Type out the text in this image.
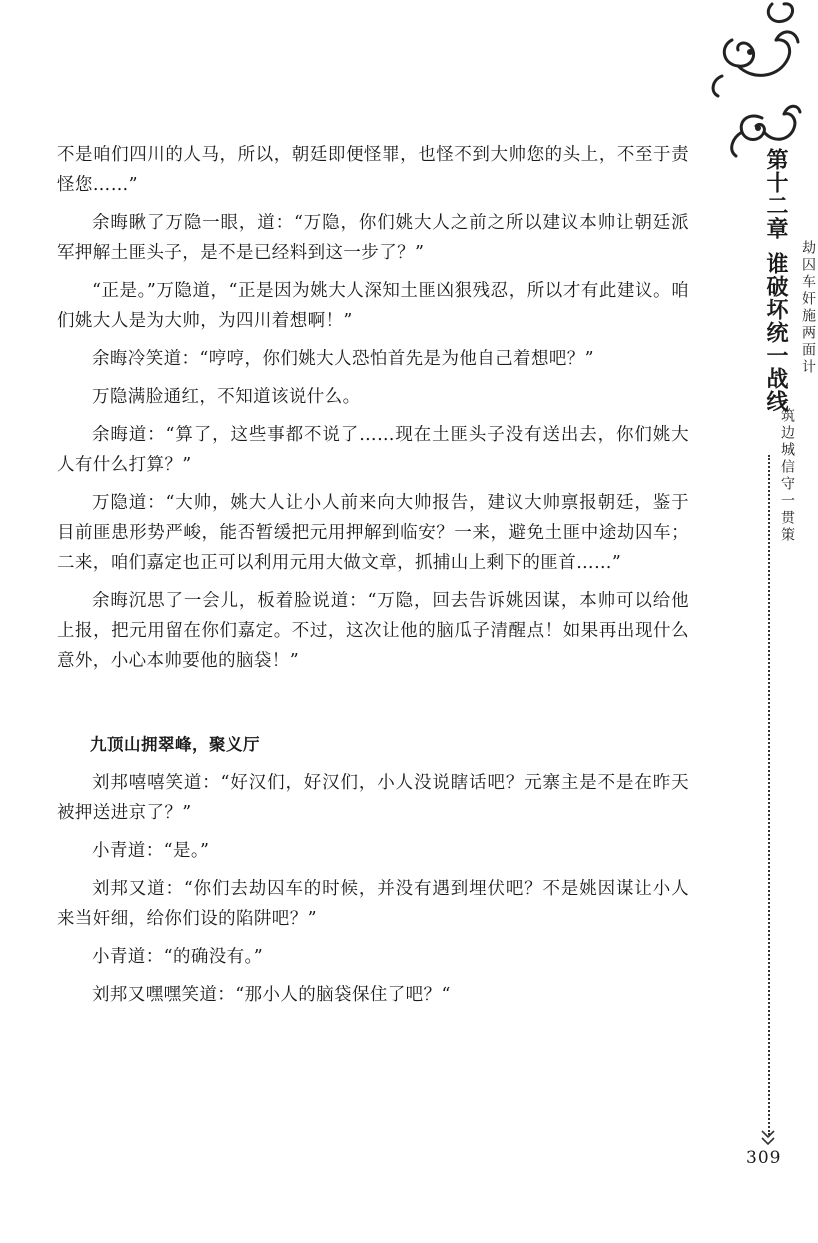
不是咱们四川的人马，所以，朝廷即便怪罪，也怪不到大帅您的头上，不至于责怪您……”

余晦瞅了万隐一眼，道：“万隐，你们姚大人之前之所以建议本帅让朝廷派军押解土匪头子，是不是已经料到这一步了？”

“正是。”万隐道，“正是因为姚大人深知土匪凶狠残忍，所以才有此建议。咱们姚大人是为大帅，为四川着想啊！”

余晦冷笑道：“哼哼，你们姚大人恐怕首先是为他自己着想吧？”

万隐满脸通红，不知道该说什么。

余晦道：“算了，这些事都不说了……现在土匪头子没有送出去，你们姚大人有什么打算？”

万隐道：“大帅，姚大人让小人前来向大帅报告，建议大帅禀报朝廷，鉴于目前匪患形势严峻，能否暂缓把元用押解到临安？一来，避免土匪中途劫囚车；二来，咱们嘉定也正可以利用元用大做文章，抓捕山上剩下的匪首……”

余晦沉思了一会儿，板着脸说道：“万隐，回去告诉姚因谋，本帅可以给他上报，把元用留在你们嘉定。不过，这次让他的脑瓜子清醒点！如果再出现什么意外，小心本帅要他的脑袋！”

九顶山拥翠峰，聚义厅

刘邦嘻嘻笑道：“好汉们，好汉们，小人没说瞎话吧？元寨主是不是在昨天被押送进京了？”

小青道：“是。”

刘邦又道：“你们去劫囚车的时候，并没有遇到埋伏吧？不是姚因谋让小人来当奸细，给你们设的陷阱吧？”

小青道：“的确没有。”

刘邦又嘿嘿笑道：“那小人的脑袋保住了吧？“

第十二章
谁破坏统一战线 劫囚车奸施两面计
筑边城信守一贯策
309
